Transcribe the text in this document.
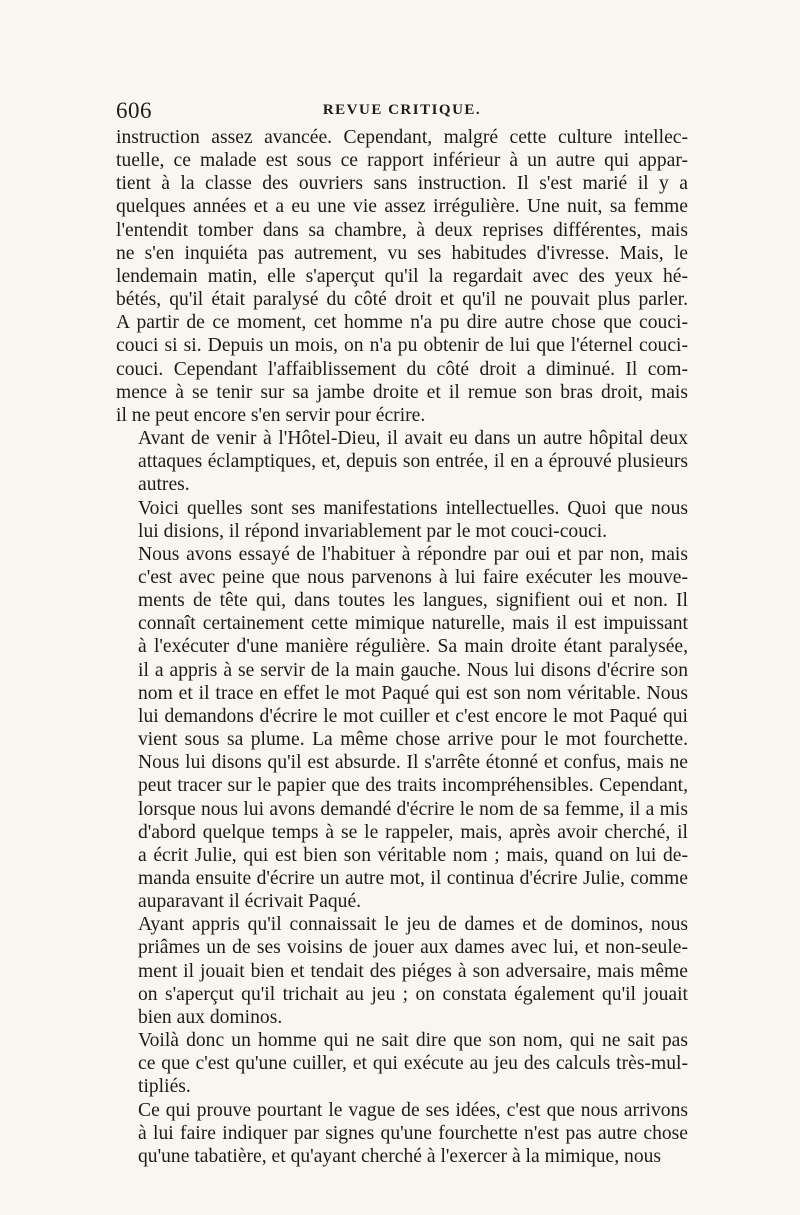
606	REVUE CRITIQUE.

instruction assez avancée. Cependant, malgré cette culture intellec-
tuelle, ce malade est sous ce rapport inférieur à un autre qui appar-
tient à la classe des ouvriers sans instruction. Il s'est marié il y a
quelques années et a eu une vie assez irrégulière. Une nuit, sa femme
l'entendit tomber dans sa chambre, à deux reprises différentes, mais
ne s'en inquiéta pas autrement, vu ses habitudes d'ivresse. Mais, le
lendemain matin, elle s'aperçut qu'il la regardait avec des yeux hé-
bétés, qu'il était paralysé du côté droit et qu'il ne pouvait plus parler.
A partir de ce moment, cet homme n'a pu dire autre chose que couci-
couci si si. Depuis un mois, on n'a pu obtenir de lui que l'éternel couci-
couci. Cependant l'affaiblissement du côté droit a diminué. Il com-
mence à se tenir sur sa jambe droite et il remue son bras droit, mais
il ne peut encore s'en servir pour écrire.

Avant de venir à l'Hôtel-Dieu, il avait eu dans un autre hôpital deux
attaques éclamptiques, et, depuis son entrée, il en a éprouvé plusieurs
autres.

Voici quelles sont ses manifestations intellectuelles. Quoi que nous
lui disions, il répond invariablement par le mot couci-couci.

Nous avons essayé de l'habituer à répondre par oui et par non, mais
c'est avec peine que nous parvenons à lui faire exécuter les mouve-
ments de tête qui, dans toutes les langues, signifient oui et non. Il
connaît certainement cette mimique naturelle, mais il est impuissant
à l'exécuter d'une manière régulière. Sa main droite étant paralysée,
il a appris à se servir de la main gauche. Nous lui disons d'écrire son
nom et il trace en effet le mot Paqué qui est son nom véritable. Nous
lui demandons d'écrire le mot cuiller et c'est encore le mot Paqué qui
vient sous sa plume. La même chose arrive pour le mot fourchette.
Nous lui disons qu'il est absurde. Il s'arrête étonné et confus, mais ne
peut tracer sur le papier que des traits incompréhensibles. Cependant,
lorsque nous lui avons demandé d'écrire le nom de sa femme, il a mis
d'abord quelque temps à se le rappeler, mais, après avoir cherché, il
a écrit Julie, qui est bien son véritable nom ; mais, quand on lui de-
manda ensuite d'écrire un autre mot, il continua d'écrire Julie, comme
auparavant il écrivait Paqué.

Ayant appris qu'il connaissait le jeu de dames et de dominos, nous
priâmes un de ses voisins de jouer aux dames avec lui, et non-seule-
ment il jouait bien et tendait des piéges à son adversaire, mais même
on s'aperçut qu'il trichait au jeu ; on constata également qu'il jouait
bien aux dominos.

Voilà donc un homme qui ne sait dire que son nom, qui ne sait pas
ce que c'est qu'une cuiller, et qui exécute au jeu des calculs très-mul-
tipliés.

Ce qui prouve pourtant le vague de ses idées, c'est que nous arrivons
à lui faire indiquer par signes qu'une fourchette n'est pas autre chose
qu'une tabatière, et qu'ayant cherché à l'exercer à la mimique, nous
